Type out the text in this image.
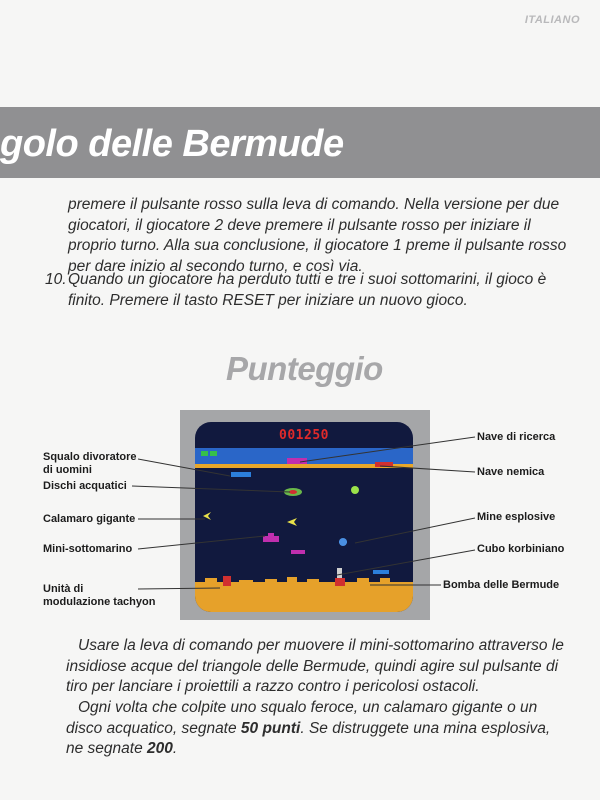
ITALIANO
golo delle Bermude

premere il pulsante rosso sulla leva di comando. Nella versione per due giocatori, il giocatore 2 deve premere il pulsante rosso per iniziare il proprio turno. Alla sua conclusione, il giocatore 1 preme il pulsante rosso per dare inizio al secondo turno, e così via.

10. Quando un giocatore ha perduto tutti e tre i suoi sottomarini, il gioco è finito. Premere il tasto RESET per iniziare un nuovo gioco.
Punteggio
001250
Squalo divoratore
di uomini
Dischi acquatici
Calamaro gigante
Mini-sottomarino
Unità di
modulazione tachyon
Nave di ricerca
Nave nemica
Mine esplosive
Cubo korbiniano
Bomba delle Bermude

Usare la leva di comando per muovere il mini-sottomarino attraverso le insidiose acque del triangole delle Bermude, quindi agire sul pulsante di tiro per lanciare i proiettili a razzo contro i pericolosi ostacoli.

Ogni volta che colpite uno squalo feroce, un calamaro gigante o un disco acquatico, segnate 50 punti. Se distruggete una mina esplosiva, ne segnate 200.
